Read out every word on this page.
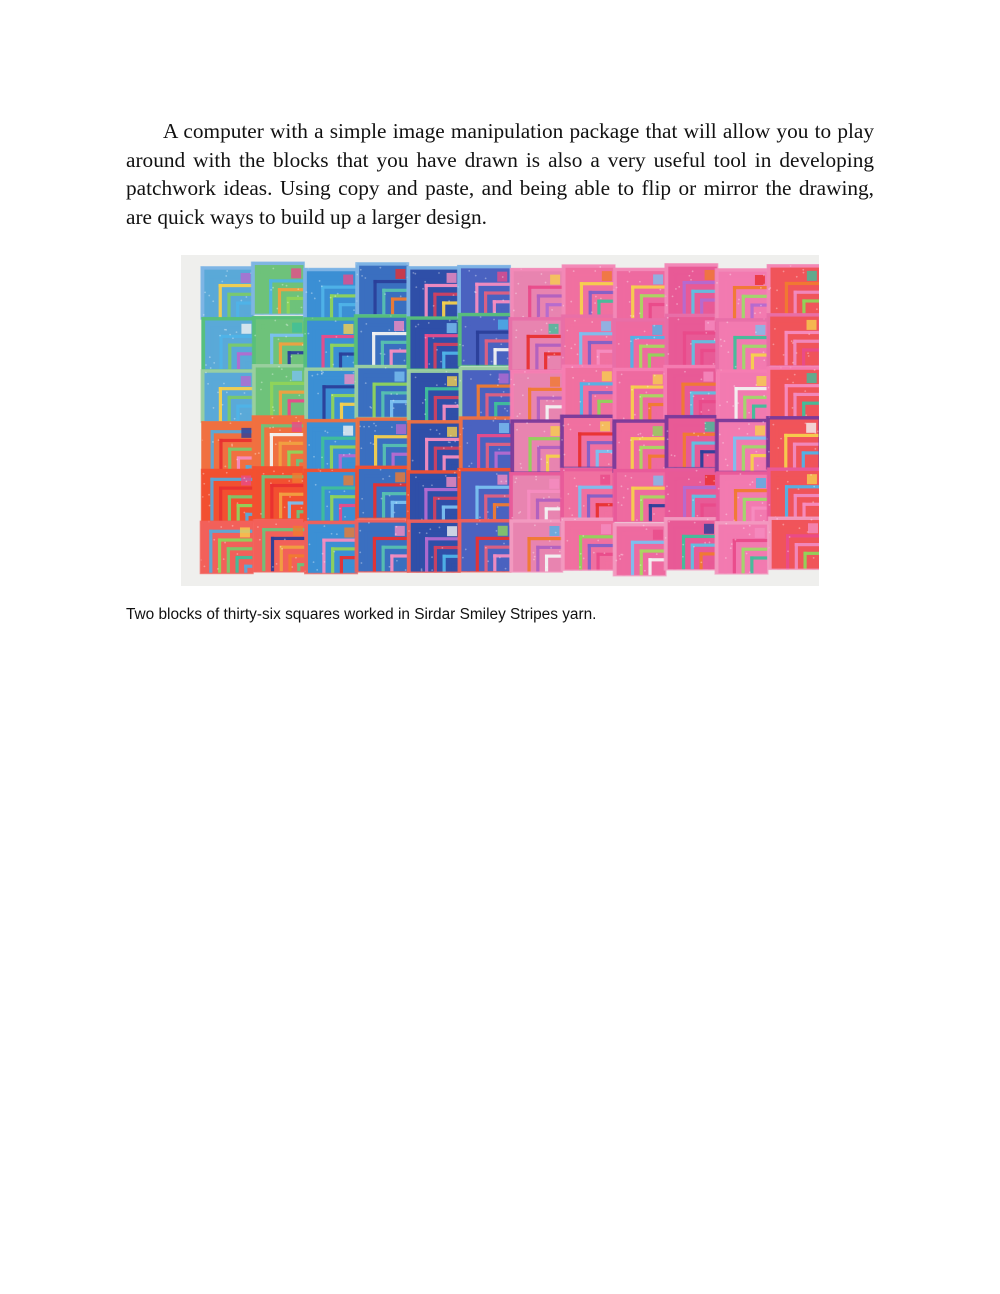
A computer with a simple image manipulation package that will allow you to play around with the blocks that you have drawn is also a very useful tool in developing patchwork ideas. Using copy and paste, and being able to flip or mirror the drawing, are quick ways to build up a larger design.

Two blocks of thirty-six squares worked in Sirdar Smiley Stripes yarn.
